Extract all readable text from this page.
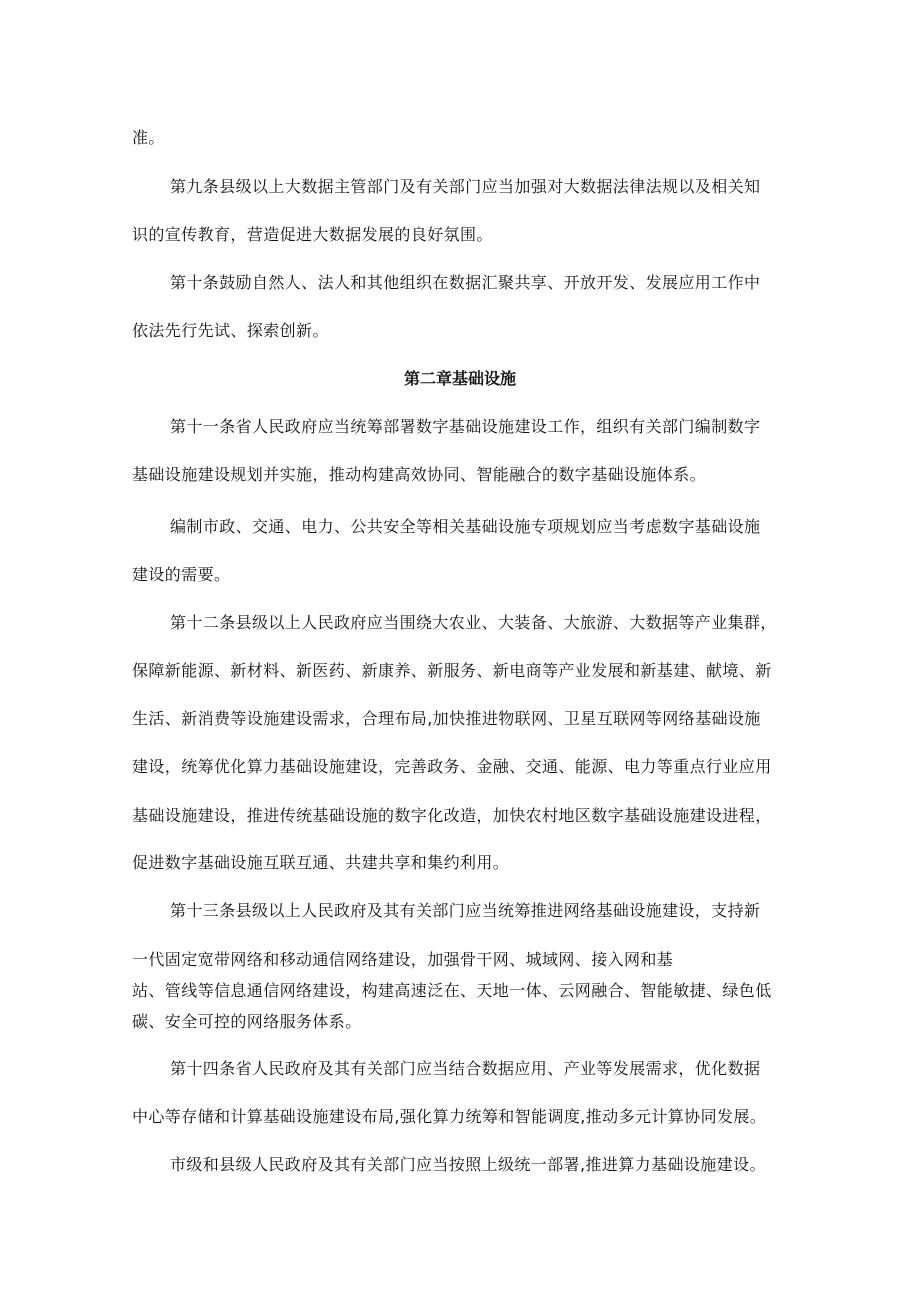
准。
第九条县级以上大数据主管部门及有关部门应当加强对大数据法律法规以及相关知
识的宣传教育，营造促进大数据发展的良好氛围。
第十条鼓励自然人、法人和其他组织在数据汇聚共享、开放开发、发展应用工作中
依法先行先试、探索创新。
第二章基础设施
第十一条省人民政府应当统筹部署数字基础设施建设工作，组织有关部门编制数字
基础设施建设规划并实施，推动构建高效协同、智能融合的数字基础设施体系。
编制市政、交通、电力、公共安全等相关基础设施专项规划应当考虑数字基础设施
建设的需要。
第十二条县级以上人民政府应当围绕大农业、大装备、大旅游、大数据等产业集群，
保障新能源、新材料、新医药、新康养、新服务、新电商等产业发展和新基建、献境、新
生活、新消费等设施建设需求，合理布局,加快推进物联网、卫星互联网等网络基础设施
建设，统筹优化算力基础设施建设，完善政务、金融、交通、能源、电力等重点行业应用
基础设施建设，推进传统基础设施的数字化改造，加快农村地区数字基础设施建设进程，
促进数字基础设施互联互通、共建共享和集约利用。
第十三条县级以上人民政府及其有关部门应当统筹推进网络基础设施建设，支持新
一代固定宽带网络和移动通信网络建设，加强骨干网、城域网、接入网和基
站、管线等信息通信网络建设，构建高速泛在、天地一体、云网融合、智能敏捷、绿色低
碳、安全可控的网络服务体系。
第十四条省人民政府及其有关部门应当结合数据应用、产业等发展需求，优化数据
中心等存储和计算基础设施建设布局,强化算力统筹和智能调度,推动多元计算协同发展。
市级和县级人民政府及其有关部门应当按照上级统一部署,推进算力基础设施建设。
